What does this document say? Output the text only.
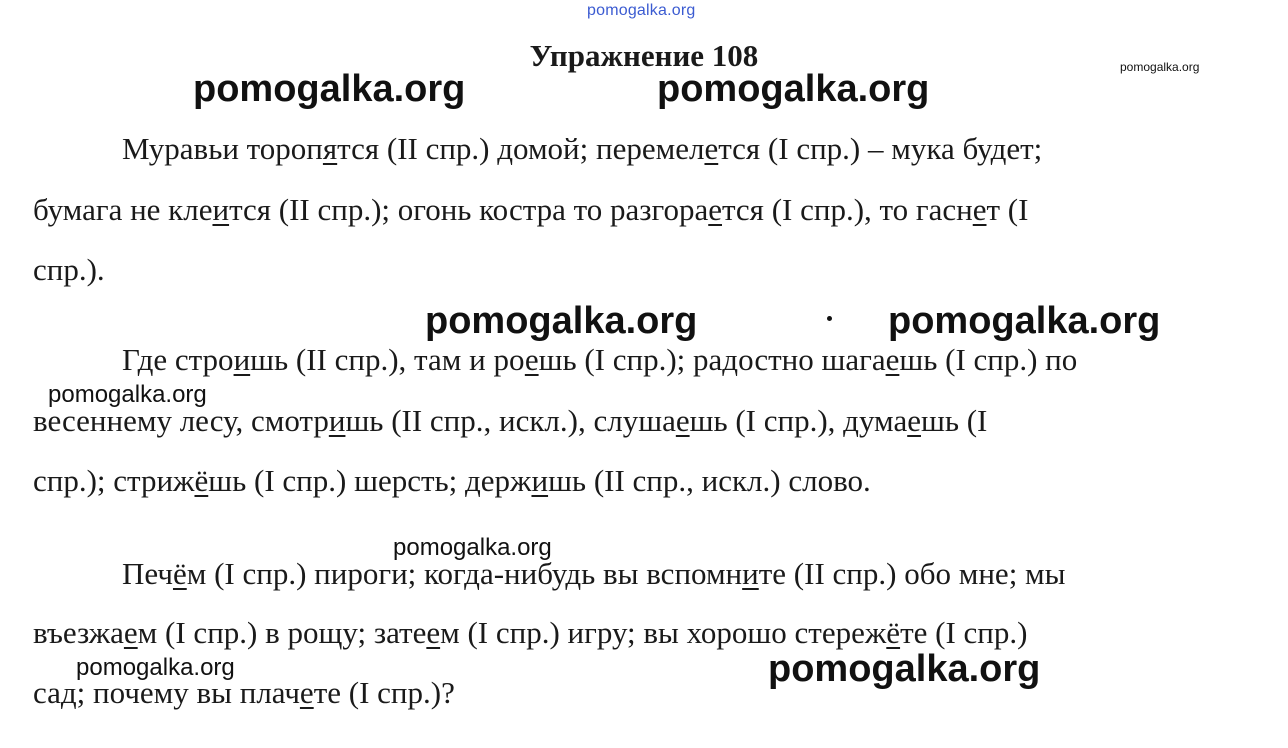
pomogalka.org
pomogalka.org	pomogalka.org
pomogalka.org
pomogalka.org	pomogalka.org
pomogalka.org
pomogalka.org
pomogalka.org	pomogalka.org
Упражнение 108
Муравьи торопятся (II спр.) домой; перемелется (I спр.) – мука будет;
бумага не клеится (II спр.); огонь костра то разгорается (I спр.), то гаснет (I
спр.).
Где строишь (II спр.), там и роешь (I спр.); радостно шагаешь (I спр.) по
весеннему лесу, смотришь (II спр., искл.), слушаешь (I спр.), думаешь (I
спр.); стрижёшь (I спр.) шерсть; держишь (II спр., искл.) слово.
Печём (I спр.) пироги; когда-нибудь вы вспомните (II спр.) обо мне; мы
въезжаем (I спр.) в рощу; затеем (I спр.) игру; вы хорошо стережёте (I спр.)
сад; почему вы плачете (I спр.)?
